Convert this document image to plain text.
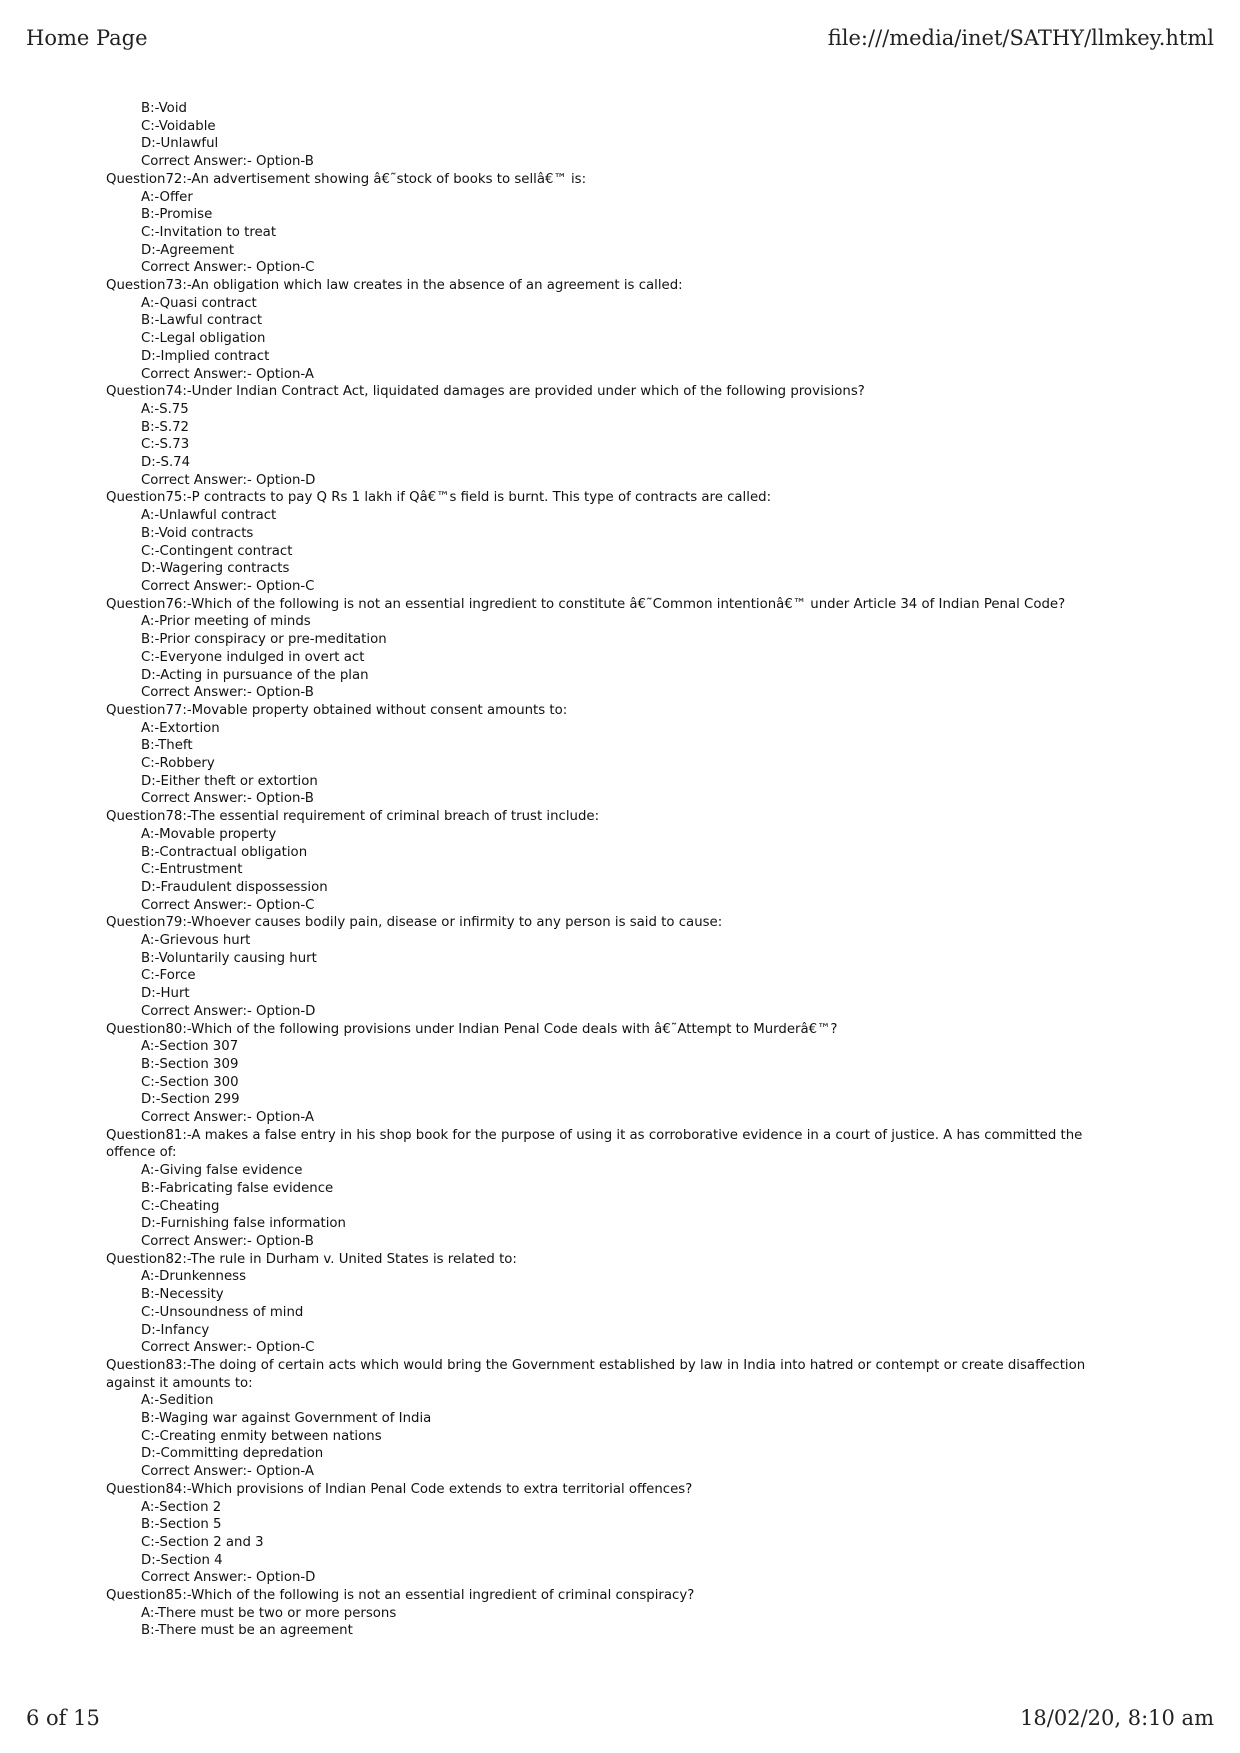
Home Page	file:///media/inet/SATHY/llmkey.html
B:-Void
C:-Voidable
D:-Unlawful
Correct Answer:- Option-B
Question72:-An advertisement showing â€˜stock of books to sellâ€™ is:
A:-Offer
B:-Promise
C:-Invitation to treat
D:-Agreement
Correct Answer:- Option-C
Question73:-An obligation which law creates in the absence of an agreement is called:
A:-Quasi contract
B:-Lawful contract
C:-Legal obligation
D:-Implied contract
Correct Answer:- Option-A
Question74:-Under Indian Contract Act, liquidated damages are provided under which of the following provisions?
A:-S.75
B:-S.72
C:-S.73
D:-S.74
Correct Answer:- Option-D
Question75:-P contracts to pay Q Rs 1 lakh if Qâ€™s field is burnt. This type of contracts are called:
A:-Unlawful contract
B:-Void contracts
C:-Contingent contract
D:-Wagering contracts
Correct Answer:- Option-C
Question76:-Which of the following is not an essential ingredient to constitute â€˜Common intentionâ€™ under Article 34 of Indian Penal Code?
A:-Prior meeting of minds
B:-Prior conspiracy or pre-meditation
C:-Everyone indulged in overt act
D:-Acting in pursuance of the plan
Correct Answer:- Option-B
Question77:-Movable property obtained without consent amounts to:
A:-Extortion
B:-Theft
C:-Robbery
D:-Either theft or extortion
Correct Answer:- Option-B
Question78:-The essential requirement of criminal breach of trust include:
A:-Movable property
B:-Contractual obligation
C:-Entrustment
D:-Fraudulent dispossession
Correct Answer:- Option-C
Question79:-Whoever causes bodily pain, disease or infirmity to any person is said to cause:
A:-Grievous hurt
B:-Voluntarily causing hurt
C:-Force
D:-Hurt
Correct Answer:- Option-D
Question80:-Which of the following provisions under Indian Penal Code deals with â€˜Attempt to Murderâ€™?
A:-Section 307
B:-Section 309
C:-Section 300
D:-Section 299
Correct Answer:- Option-A
Question81:-A makes a false entry in his shop book for the purpose of using it as corroborative evidence in a court of justice. A has committed the offence of:
A:-Giving false evidence
B:-Fabricating false evidence
C:-Cheating
D:-Furnishing false information
Correct Answer:- Option-B
Question82:-The rule in Durham v. United States is related to:
A:-Drunkenness
B:-Necessity
C:-Unsoundness of mind
D:-Infancy
Correct Answer:- Option-C
Question83:-The doing of certain acts which would bring the Government established by law in India into hatred or contempt or create disaffection against it amounts to:
A:-Sedition
B:-Waging war against Government of India
C:-Creating enmity between nations
D:-Committing depredation
Correct Answer:- Option-A
Question84:-Which provisions of Indian Penal Code extends to extra territorial offences?
A:-Section 2
B:-Section 5
C:-Section 2 and 3
D:-Section 4
Correct Answer:- Option-D
Question85:-Which of the following is not an essential ingredient of criminal conspiracy?
A:-There must be two or more persons
B:-There must be an agreement
6 of 15	18/02/20, 8:10 am
